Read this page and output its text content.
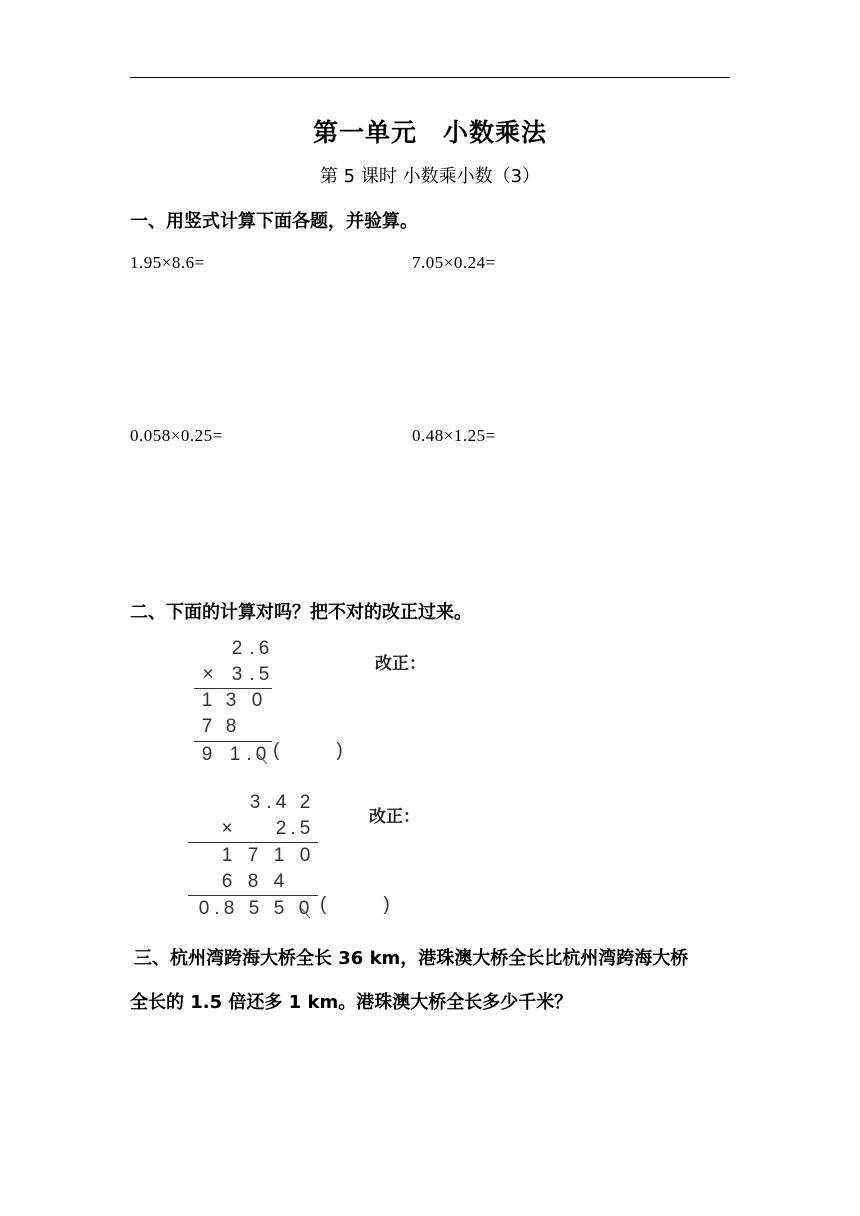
第一单元　小数乘法
第 5 课时 小数乘小数（3）
一、用竖式计算下面各题，并验算。
1.95×8.6=	7.05×0.24=
0.058×0.25=	0.48×1.25=
二、下面的计算对吗？把不对的改正过来。
2 . 6
× 3 . 5
1 3 0
7 8
9 1 . 0 (　　　)
改正：
3 . 4 2
× 2 . 5
1 7 1 0
6 8 4
0 . 8 5 5 0 (　　　)
改正：
三、杭州湾跨海大桥全长 36 km，港珠澳大桥全长比杭州湾跨海大桥
全长的 1.5 倍还多 1 km。港珠澳大桥全长多少千米？
